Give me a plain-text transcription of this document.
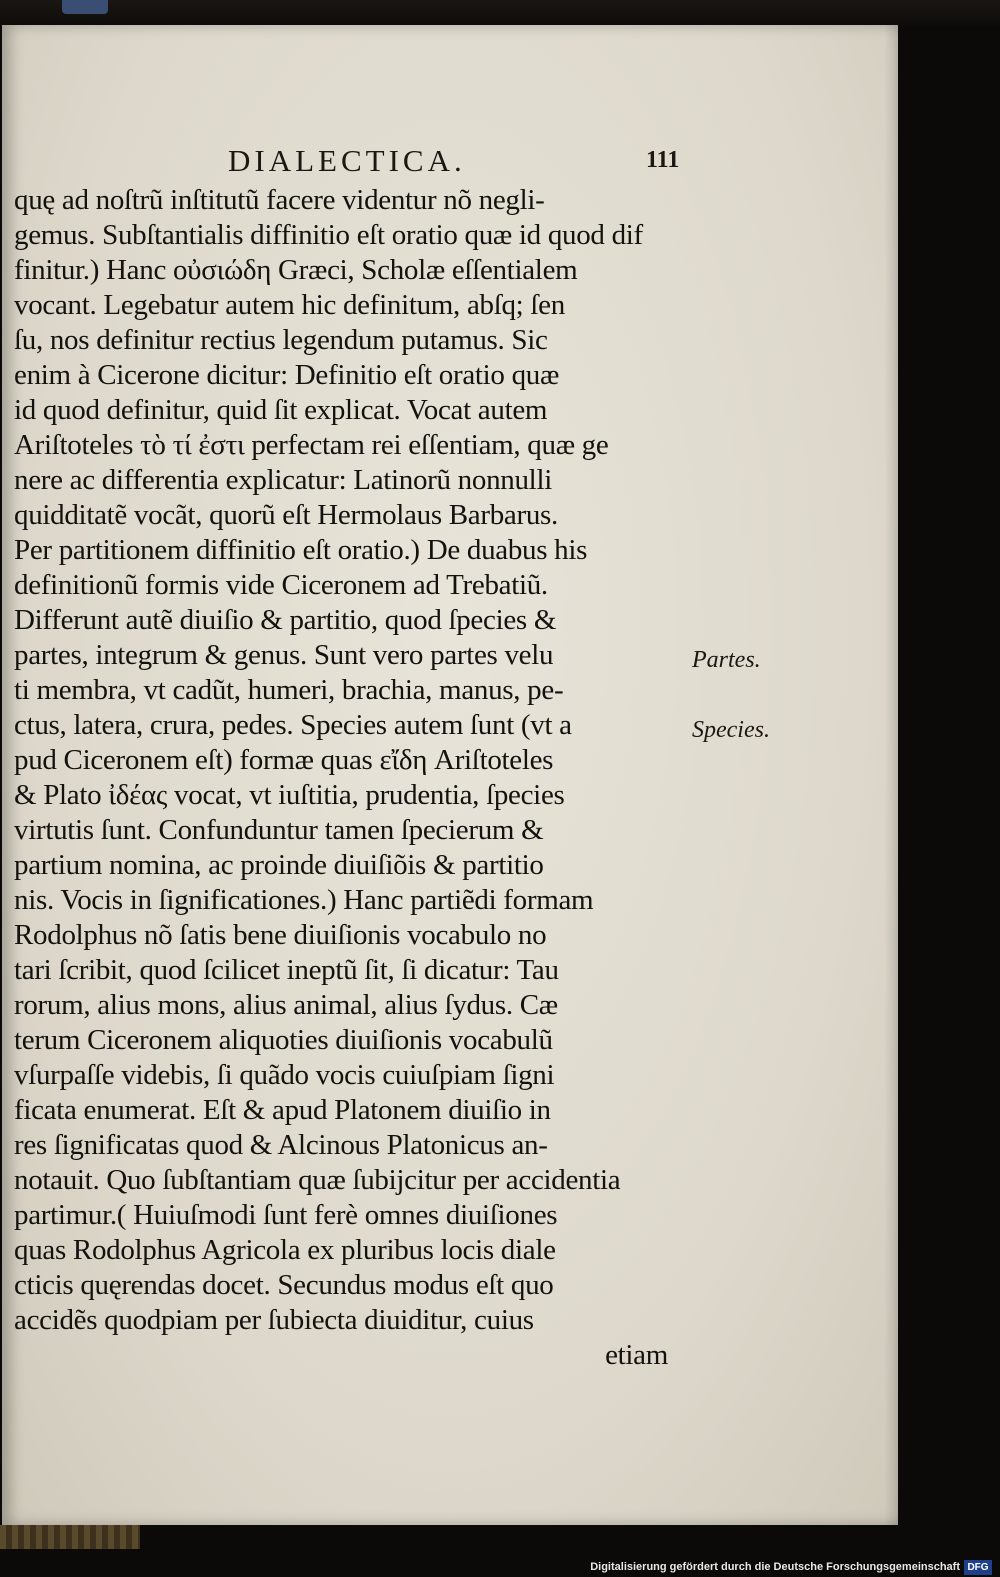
DIALECTICA.	111
quę ad noſtrũ inſtitutũ facere videntur nõ negli-
gemus. Subſtantialis diffinitio eſt oratio quæ id quod dif
finitur.) Hanc οὐσιώδη Græci, Scholæ eſſentialem
vocant. Legebatur autem hic definitum, abſq; ſen
ſu, nos definitur rectius legendum putamus. Sic
enim à Cicerone dicitur: Definitio eſt oratio quæ
id quod definitur, quid ſit explicat. Vocat autem
Ariſtoteles τὸ τί ἐστι perfectam rei eſſentiam, quæ ge
nere ac differentia explicatur: Latinorũ nonnulli
quidditatẽ vocãt, quorũ eſt Hermolaus Barbarus.
Per partitionem diffinitio eſt oratio.) De duabus his
definitionũ formis vide Ciceronem ad Trebatiũ.
Differunt autẽ diuiſio & partitio, quod ſpecies &
partes, integrum & genus. Sunt vero partes velu
ti membra, vt cadũt, humeri, brachia, manus, pe-
ctus, latera, crura, pedes. Species autem ſunt (vt a
pud Ciceronem eſt) formæ quas εἴδη Ariſtoteles
& Plato ἰδέας vocat, vt iuſtitia, prudentia, ſpecies
virtutis ſunt. Confunduntur tamen ſpecierum &
partium nomina, ac proinde diuiſiõis & partitio
nis. Vocis in ſignificationes.) Hanc partiẽdi formam
Rodolphus nõ ſatis bene diuiſionis vocabulo no
tari ſcribit, quod ſcilicet ineptũ ſit, ſi dicatur: Tau
rorum, alius mons, alius animal, alius ſydus. Cæ
terum Ciceronem aliquoties diuiſionis vocabulũ
vſurpaſſe videbis, ſi quãdo vocis cuiuſpiam ſigni
ficata enumerat. Eſt & apud Platonem diuiſio in
res ſignificatas quod & Alcinous Platonicus an-
notauit. Quo ſubſtantiam quæ ſubijcitur per accidentia
partimur.( Huiuſmodi ſunt ferè omnes diuiſiones
quas Rodolphus Agricola ex pluribus locis diale
cticis quęrendas docet. Secundus modus eſt quo
accidẽs quodpiam per ſubiecta diuiditur, cuius
etiam
Partes.
Species.
Digitalisierung gefördert durch die Deutsche Forschungsgemeinschaft DFG
